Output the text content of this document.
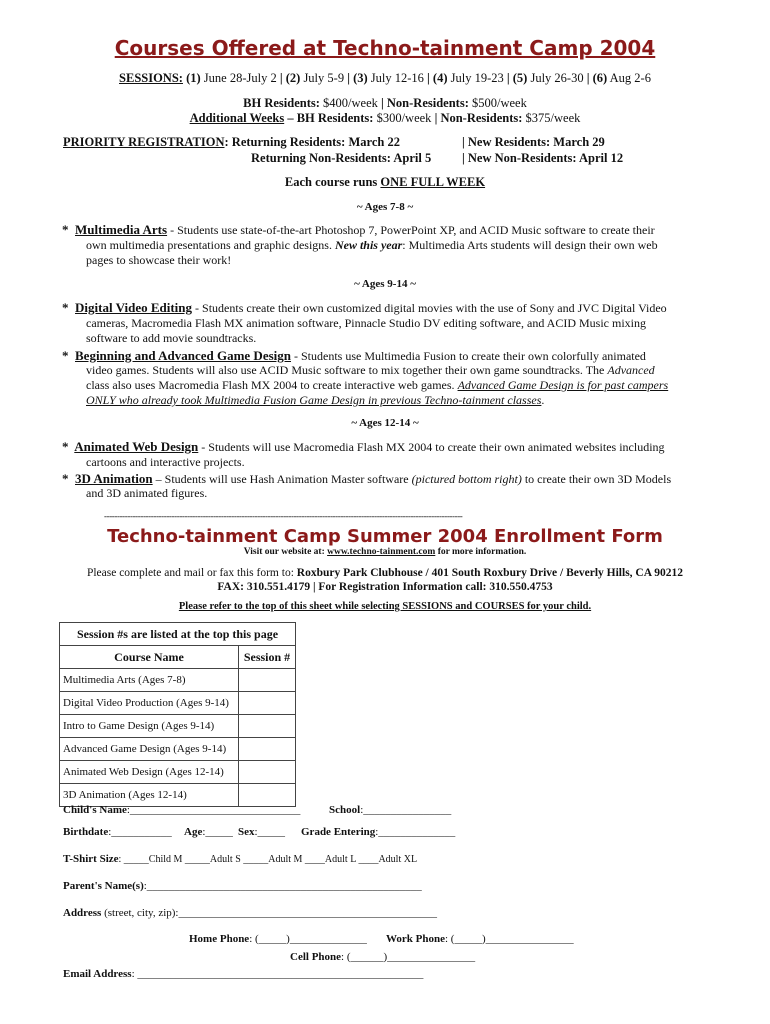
Courses Offered at Techno-tainment Camp 2004
SESSIONS: (1) June 28-July 2 | (2) July 5-9 | (3) July 12-16 | (4) July 19-23 | (5) July 26-30 | (6) Aug 2-6
BH Residents: $400/week | Non-Residents: $500/week
Additional Weeks – BH Residents: $300/week | Non-Residents: $375/week
PRIORITY REGISTRATION: Returning Residents: March 22	| New Residents: March 29
Returning Non-Residents: April 5 | New Non-Residents: April 12
Each course runs ONE FULL WEEK
~ Ages 7-8 ~
*  Multimedia Arts - Students use state-of-the-art Photoshop 7, PowerPoint XP, and ACID Music software to create their
own multimedia presentations and graphic designs. New this year: Multimedia Arts students will design their own web
pages to showcase their work!
~ Ages 9-14 ~
*  Digital Video Editing - Students create their own customized digital movies with the use of Sony and JVC Digital Video
cameras, Macromedia Flash MX animation software, Pinnacle Studio DV editing software, and ACID Music mixing
software to add movie soundtracks.
*  Beginning and Advanced Game Design - Students use Multimedia Fusion to create their own colorfully animated
video games. Students will also use ACID Music software to mix together their own game soundtracks. The Advanced
class also uses Macromedia Flash MX 2004 to create interactive web games. Advanced Game Design is for past campers
ONLY who already took Multimedia Fusion Game Design in previous Techno-tainment classes.
~ Ages 12-14 ~
*  Animated Web Design - Students will use Macromedia Flash MX 2004 to create their own animated websites including
cartoons and interactive projects.
*  3D Animation – Students will use Hash Animation Master software (pictured bottom right) to create their own 3D Models
and 3D animated figures.
------------------------------------------------------------------------------------------------------------------------------------------
Techno-tainment Camp Summer 2004 Enrollment Form
Visit our website at: www.techno-tainment.com for more information.
Please complete and mail or fax this form to: Roxbury Park Clubhouse / 401 South Roxbury Drive / Beverly Hills, CA 90212
FAX: 310.551.4179 | For Registration Information call: 310.550.4753
Please refer to the top of this sheet while selecting SESSIONS and COURSES for your child.
Session #s are listed at the top this page	
Course Name	Session #
Multimedia Arts (Ages 7-8)	
Digital Video Production (Ages 9-14)	
Intro to Game Design (Ages 9-14)	
Advanced Game Design (Ages 9-14)	
Animated Web Design (Ages 12-14)	
3D Animation (Ages 12-14)	
Child's Name:_______________________________	School:________________
Birthdate:___________ Age:_____ Sex:_____ Grade Entering:______________
T-Shirt Size: _____Child M _____Adult S _____Adult M ____Adult L ____Adult XL
Parent's Name(s):__________________________________________________
Address (street, city, zip):_______________________________________________
Home Phone: (_____)______________ Work Phone: (_____)________________
Cell Phone: (______)________________
Email Address: ____________________________________________________
